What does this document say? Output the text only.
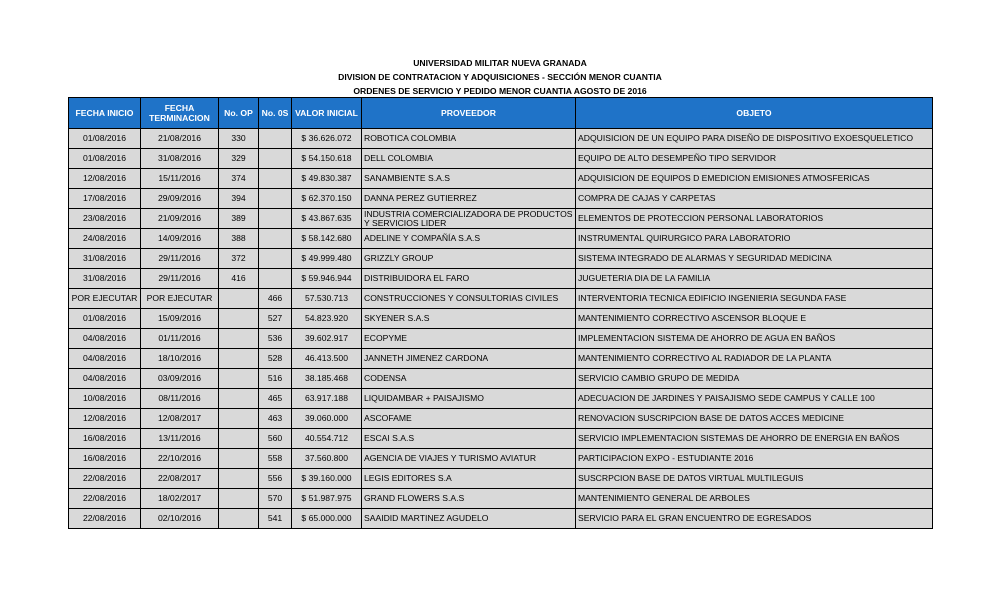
UNIVERSIDAD MILITAR NUEVA GRANADA
DIVISION DE CONTRATACION Y ADQUISICIONES - SECCIÓN MENOR CUANTIA
ORDENES DE SERVICIO Y PEDIDO MENOR CUANTIA AGOSTO DE 2016
FECHA INICIO	FECHA TERMINACION	No. OP	No. 0S	VALOR INICIAL	PROVEEDOR	OBJETO
01/08/2016	21/08/2016	330		$ 36.626.072	ROBOTICA COLOMBIA	ADQUISICION DE UN EQUIPO PARA DISEÑO DE DISPOSITIVO EXOESQUELETICO
01/08/2016	31/08/2016	329		$ 54.150.618	DELL COLOMBIA	EQUIPO DE ALTO DESEMPEÑO TIPO SERVIDOR
12/08/2016	15/11/2016	374		$ 49.830.387	SANAMBIENTE S.A.S	ADQUISICION DE EQUIPOS D EMEDICION EMISIONES ATMOSFERICAS
17/08/2016	29/09/2016	394		$ 62.370.150	DANNA PEREZ GUTIERREZ	COMPRA DE CAJAS Y CARPETAS
23/08/2016	21/09/2016	389		$ 43.867.635	INDUSTRIA COMERCIALIZADORA DE PRODUCTOS Y SERVICIOS LIDER	ELEMENTOS DE PROTECCION PERSONAL LABORATORIOS
24/08/2016	14/09/2016	388		$ 58.142.680	ADELINE Y COMPAÑÍA S.A.S	INSTRUMENTAL QUIRURGICO PARA LABORATORIO
31/08/2016	29/11/2016	372		$ 49.999.480	GRIZZLY GROUP	SISTEMA INTEGRADO DE ALARMAS Y SEGURIDAD MEDICINA
31/08/2016	29/11/2016	416		$ 59.946.944	DISTRIBUIDORA EL FARO	JUGUETERIA DIA DE LA FAMILIA
POR EJECUTAR	POR EJECUTAR		466	57.530.713	CONSTRUCCIONES Y CONSULTORIAS CIVILES	INTERVENTORIA TECNICA EDIFICIO INGENIERIA SEGUNDA FASE
01/08/2016	15/09/2016		527	54.823.920	SKYENER S.A.S	MANTENIMIENTO CORRECTIVO ASCENSOR BLOQUE E
04/08/2016	01/11/2016		536	39.602.917	ECOPYME	IMPLEMENTACION SISTEMA DE AHORRO DE AGUA EN BAÑOS
04/08/2016	18/10/2016		528	46.413.500	JANNETH JIMENEZ CARDONA	MANTENIMIENTO CORRECTIVO AL RADIADOR DE LA PLANTA
04/08/2016	03/09/2016		516	38.185.468	CODENSA	SERVICIO CAMBIO GRUPO DE MEDIDA
10/08/2016	08/11/2016		465	63.917.188	LIQUIDAMBAR + PAISAJISMO	ADECUACION DE JARDINES Y PAISAJISMO SEDE CAMPUS Y CALLE 100
12/08/2016	12/08/2017		463	39.060.000	ASCOFAME	RENOVACION SUSCRIPCION BASE DE DATOS ACCES MEDICINE
16/08/2016	13/11/2016		560	40.554.712	ESCAI S.A.S	SERVICIO IMPLEMENTACION SISTEMAS DE AHORRO DE ENERGIA EN BAÑOS
16/08/2016	22/10/2016		558	37.560.800	AGENCIA DE VIAJES Y TURISMO AVIATUR	PARTICIPACION EXPO - ESTUDIANTE 2016
22/08/2016	22/08/2017		556	$ 39.160.000	LEGIS EDITORES S.A	SUSCRPCION BASE DE DATOS VIRTUAL MULTILEGUIS
22/08/2016	18/02/2017		570	$ 51.987.975	GRAND FLOWERS S.A.S	MANTENIMIENTO GENERAL DE ARBOLES
22/08/2016	02/10/2016		541	$ 65.000.000	SAAIDID MARTINEZ AGUDELO	SERVICIO PARA EL GRAN ENCUENTRO DE EGRESADOS
